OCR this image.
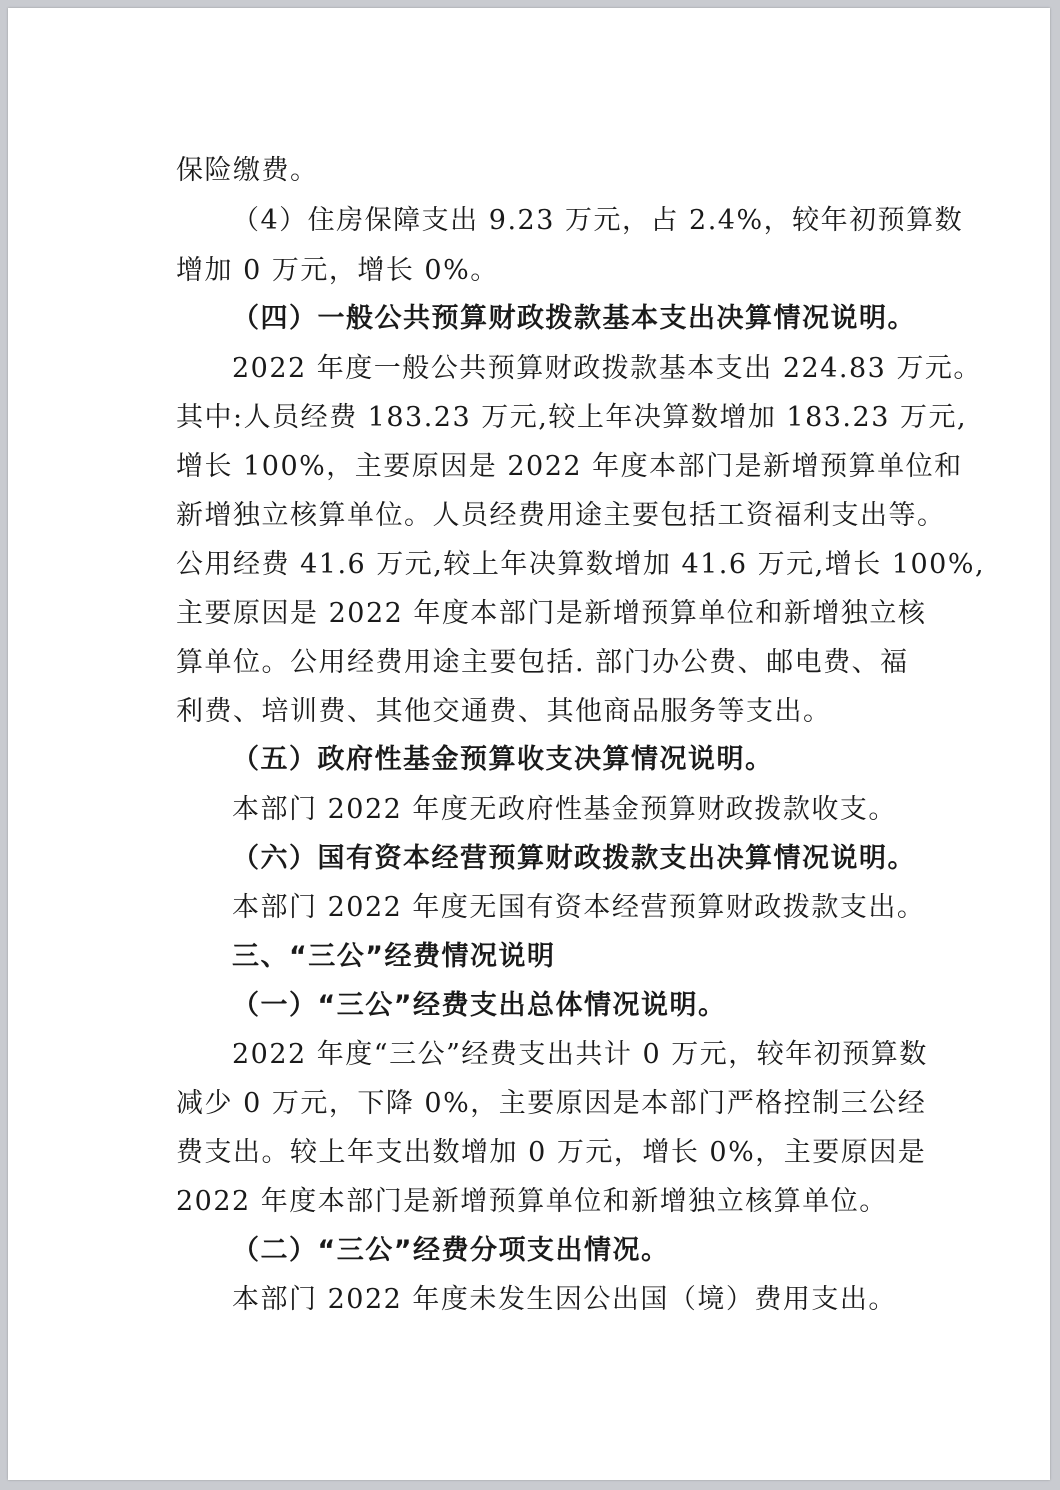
保险缴费。
（4）住房保障支出 9.23 万元，占 2.4%，较年初预算数
增加 0 万元，增长 0%。
（四）一般公共预算财政拨款基本支出决算情况说明。
2022 年度一般公共预算财政拨款基本支出 224.83 万元。
其中:人员经费 183.23 万元,较上年决算数增加 183.23 万元,
增长 100%，主要原因是 2022 年度本部门是新增预算单位和
新增独立核算单位。人员经费用途主要包括工资福利支出等。
公用经费 41.6 万元,较上年决算数增加 41.6 万元,增长 100%,
主要原因是 2022 年度本部门是新增预算单位和新增独立核
算单位。公用经费用途主要包括. 部门办公费、邮电费、福
利费、培训费、其他交通费、其他商品服务等支出。
（五）政府性基金预算收支决算情况说明。
本部门 2022 年度无政府性基金预算财政拨款收支。
（六）国有资本经营预算财政拨款支出决算情况说明。
本部门 2022 年度无国有资本经营预算财政拨款支出。
三、“三公”经费情况说明
（一）“三公”经费支出总体情况说明。
2022 年度“三公”经费支出共计 0 万元，较年初预算数
减少 0 万元，下降 0%，主要原因是本部门严格控制三公经
费支出。较上年支出数增加 0 万元，增长 0%，主要原因是
2022 年度本部门是新增预算单位和新增独立核算单位。
（二）“三公”经费分项支出情况。
本部门 2022 年度未发生因公出国（境）费用支出。
